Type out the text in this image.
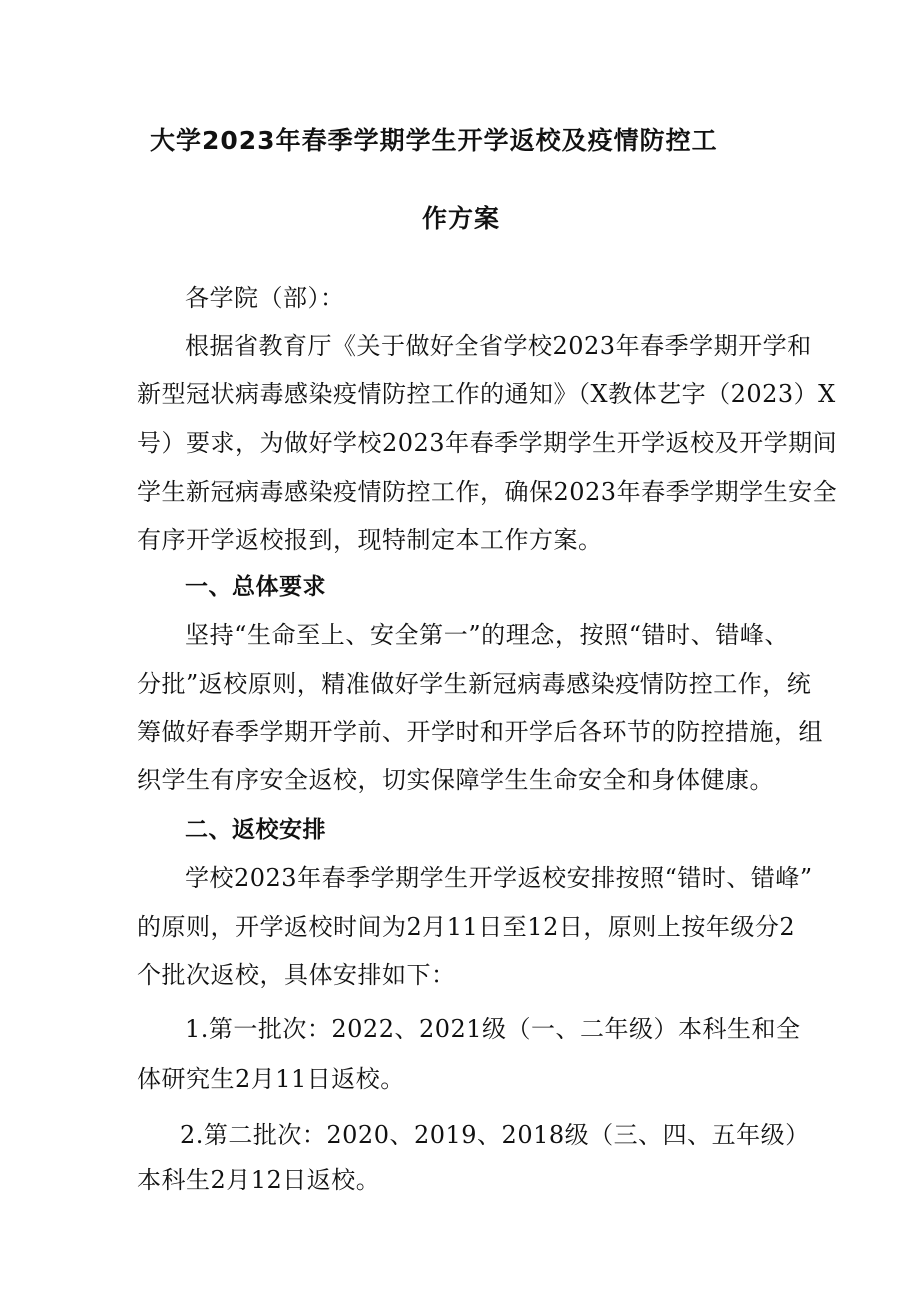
大学2023年春季学期学生开学返校及疫情防控工
作方案
各学院（部）：
根据省教育厅《关于做好全省学校2023年春季学期开学和
新型冠状病毒感染疫情防控工作的通知》（X教体艺字（2023）X
号）要求，为做好学校2023年春季学期学生开学返校及开学期间
学生新冠病毒感染疫情防控工作，确保2023年春季学期学生安全
有序开学返校报到，现特制定本工作方案。
一、总体要求
坚持“生命至上、安全第一”的理念，按照“错时、错峰、
分批”返校原则，精准做好学生新冠病毒感染疫情防控工作，统
筹做好春季学期开学前、开学时和开学后各环节的防控措施，组
织学生有序安全返校，切实保障学生生命安全和身体健康。
二、返校安排
学校2023年春季学期学生开学返校安排按照“错时、错峰”
的原则，开学返校时间为2月11日至12日，原则上按年级分2
个批次返校，具体安排如下：
1.第一批次：2022、2021级（一、二年级）本科生和全
体研究生2月11日返校。
2.第二批次：2020、2019、2018级（三、四、五年级）
本科生2月12日返校。
